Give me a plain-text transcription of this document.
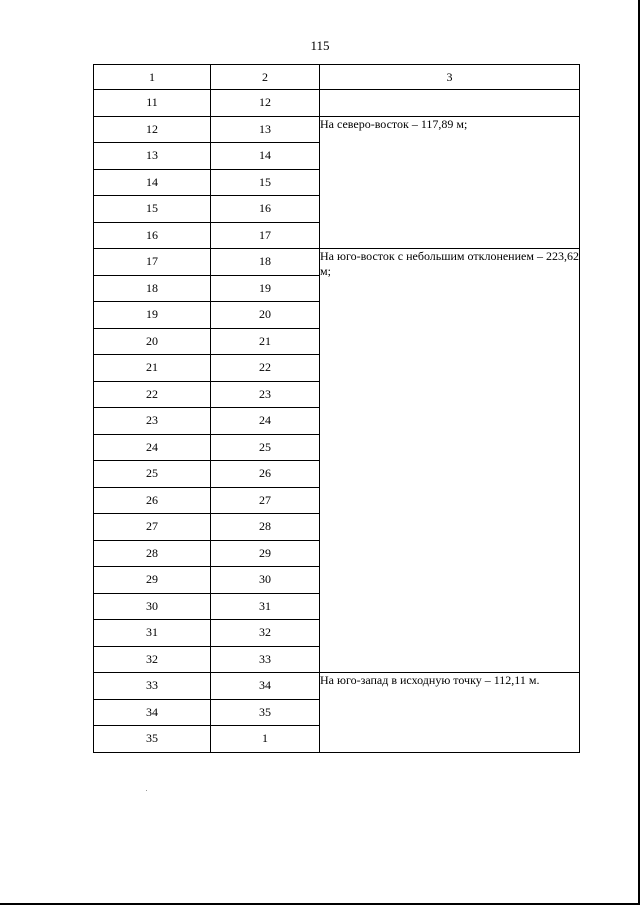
115
1	2	3
11	12	
12	13	На северо-восток – 117,89 м;
13	14	
14	15	
15	16	
16	17	
17	18	На юго-восток с небольшим отклонением – 223,62 м;
18	19	
19	20	
20	21	
21	22	
22	23	
23	24	
24	25	
25	26	
26	27	
27	28	
28	29	
29	30	
30	31	
31	32	
32	33	
33	34	На юго-запад в исходную точку – 112,11 м.
34	35	
35	1	
